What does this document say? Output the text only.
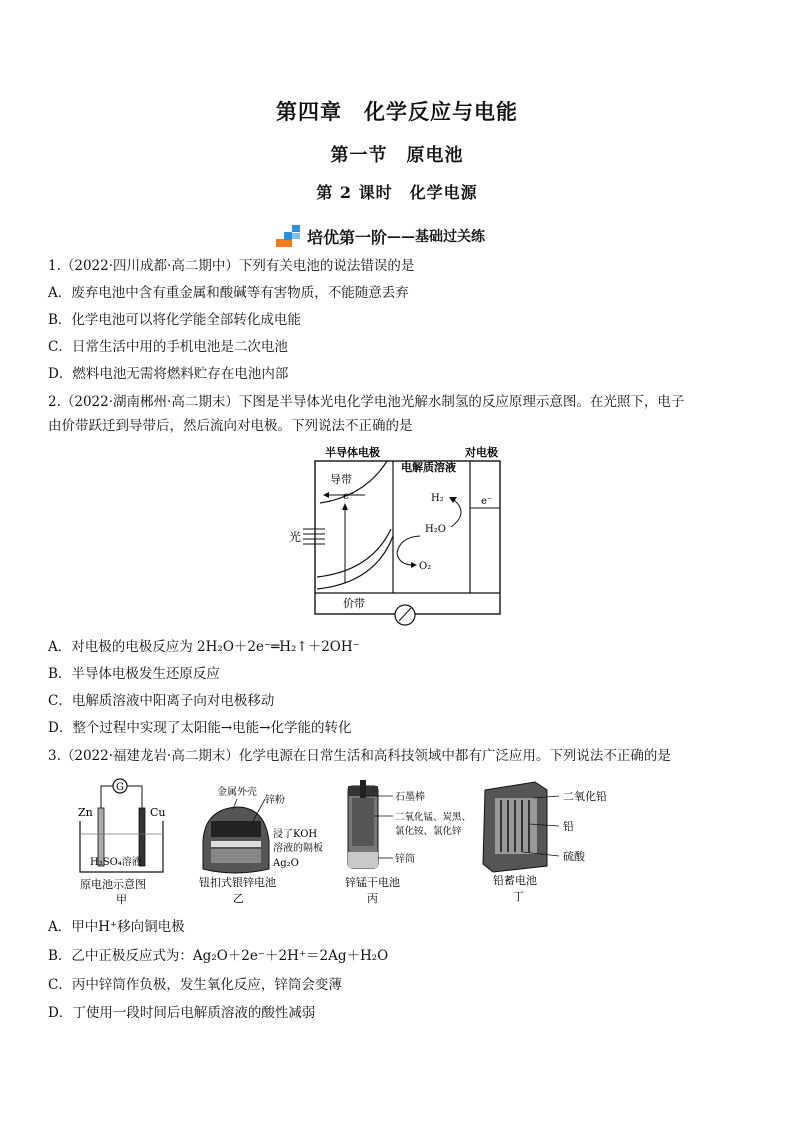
第四章　化学反应与电能
第一节　原电池
第 2 课时　化学电源
培优第一阶 ——基础过关练
1.（2022·四川成都·高二期中）下列有关电池的说法错误的是
A．废弃电池中含有重金属和酸碱等有害物质，不能随意丢弃
B．化学电池可以将化学能全部转化成电能
C．日常生活中用的手机电池是二次电池
D．燃料电池无需将燃料贮存在电池内部
2.（2022·湖南郴州·高二期末）下图是半导体光电化学电池光解水制氢的反应原理示意图。在光照下，电子
由价带跃迁到导带后，然后流向对电极。下列说法不正确的是
半导体电极
电解质溶液
对电极
导带
e⁻
光
价带
H₂
H₂O
e⁻
O₂
A．对电极的电极反应为 2H₂O＋2e⁻═H₂↑＋2OH⁻
B．半导体电极发生还原反应
C．电解质溶液中阳离子向对电极移动
D．整个过程中实现了太阳能→电能→化学能的转化
3.（2022·福建龙岩·高二期末）化学电源在日常生活和高科技领域中都有广泛应用。下列说法不正确的是
G
Zn	Cu
H₂SO₄溶液
原电池示意图
甲
金属外壳
锌粉
浸了KOH
溶液的隔板
Ag₂O
钮扣式银锌电池
乙
石墨棒
二氧化锰、炭黑、
氯化铵、氯化锌
锌筒
锌锰干电池
丙
二氧化铅
铅
硫酸
铅蓄电池
丁
A．甲中H⁺移向铜电极
B．乙中正极反应式为：Ag₂O＋2e⁻＋2H⁺＝2Ag＋H₂O
C．丙中锌筒作负极，发生氧化反应，锌筒会变薄
D．丁使用一段时间后电解质溶液的酸性减弱
